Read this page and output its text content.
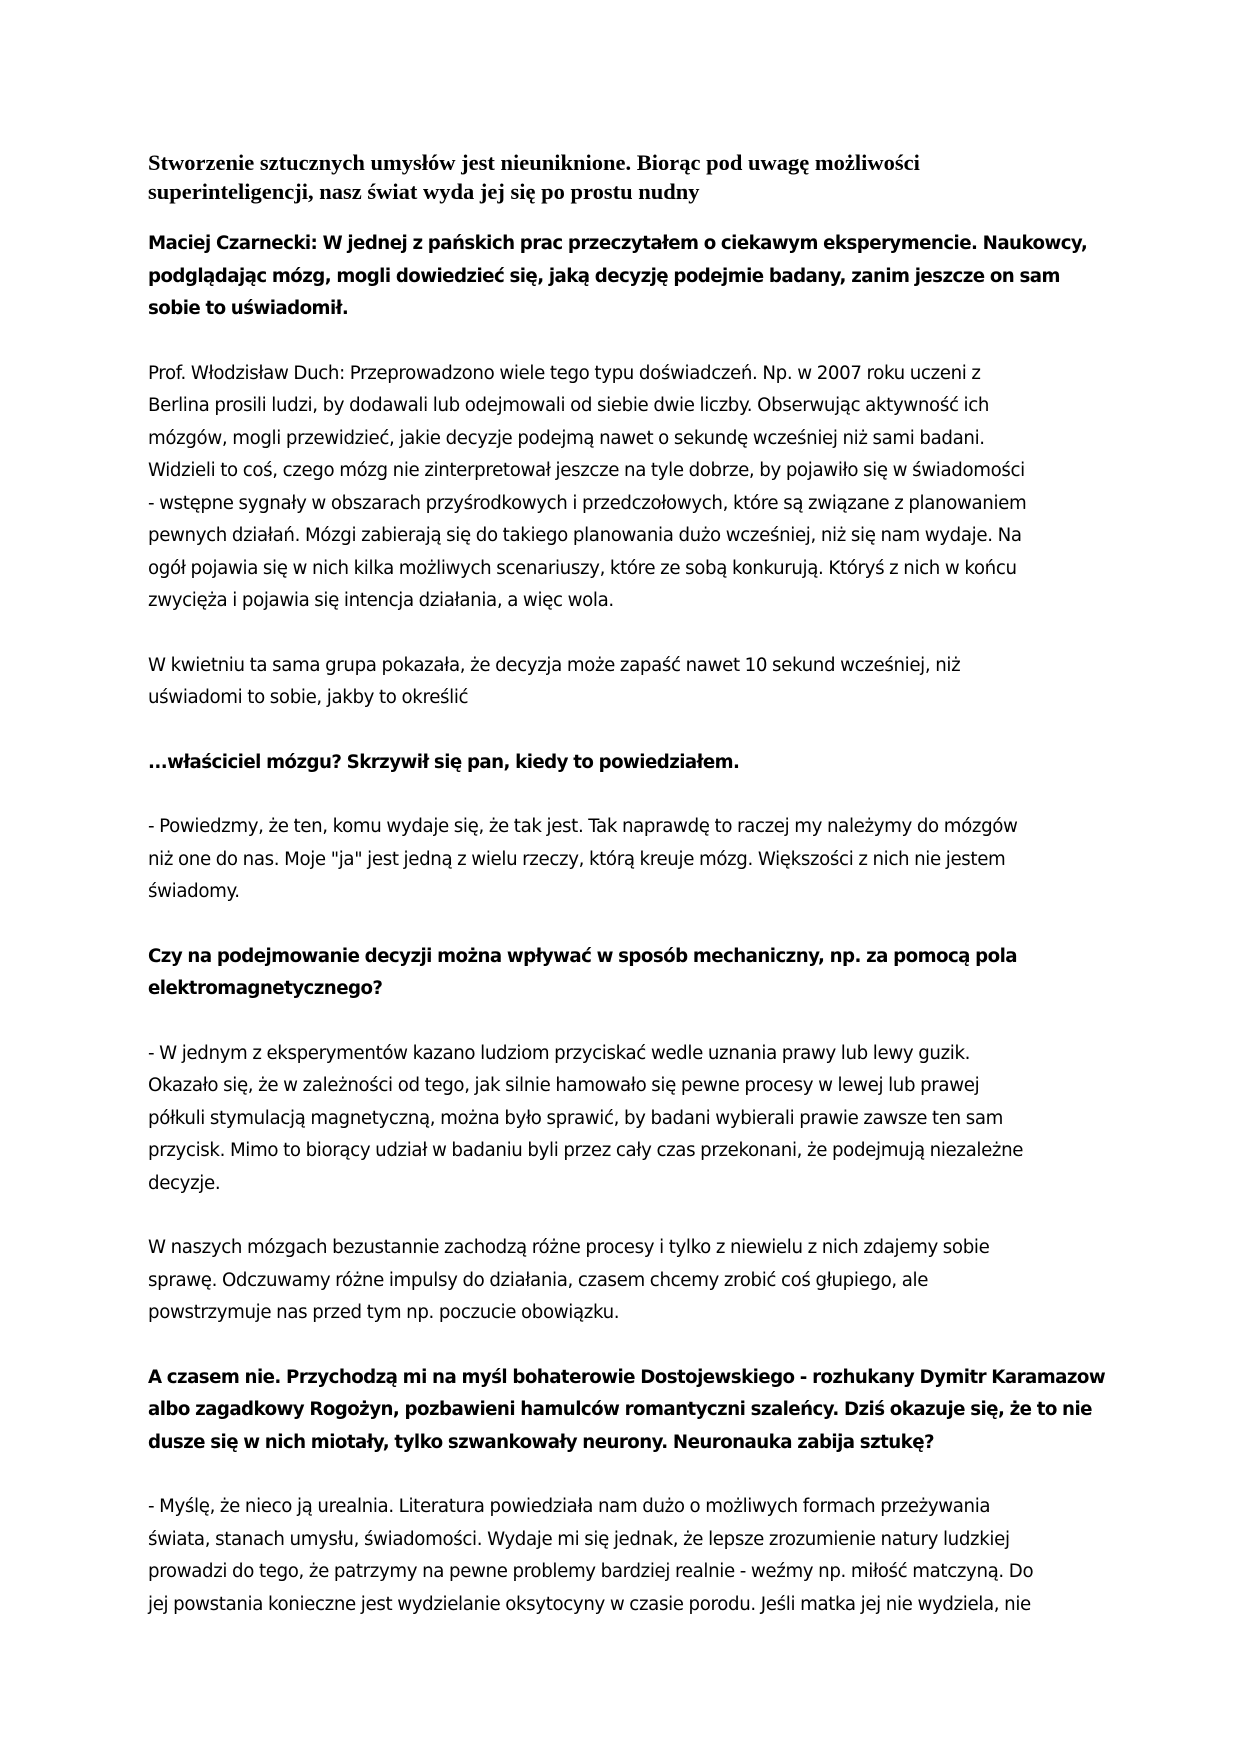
Stworzenie sztucznych umysłów jest nieuniknione. Biorąc pod uwagę możliwości
superinteligencji, nasz świat wyda jej się po prostu nudny
Maciej Czarnecki: W jednej z pańskich prac przeczytałem o ciekawym eksperymencie. Naukowcy,
podglądając mózg, mogli dowiedzieć się, jaką decyzję podejmie badany, zanim jeszcze on sam
sobie to uświadomił.
Prof. Włodzisław Duch: Przeprowadzono wiele tego typu doświadczeń. Np. w 2007 roku uczeni z
Berlina prosili ludzi, by dodawali lub odejmowali od siebie dwie liczby. Obserwując aktywność ich
mózgów, mogli przewidzieć, jakie decyzje podejmą nawet o sekundę wcześniej niż sami badani.
Widzieli to coś, czego mózg nie zinterpretował jeszcze na tyle dobrze, by pojawiło się w świadomości
- wstępne sygnały w obszarach przyśrodkowych i przedczołowych, które są związane z planowaniem
pewnych działań. Mózgi zabierają się do takiego planowania dużo wcześniej, niż się nam wydaje. Na
ogół pojawia się w nich kilka możliwych scenariuszy, które ze sobą konkurują. Któryś z nich w końcu
zwycięża i pojawia się intencja działania, a więc wola.
W kwietniu ta sama grupa pokazała, że decyzja może zapaść nawet 10 sekund wcześniej, niż
uświadomi to sobie, jakby to określić
...właściciel mózgu? Skrzywił się pan, kiedy to powiedziałem.
- Powiedzmy, że ten, komu wydaje się, że tak jest. Tak naprawdę to raczej my należymy do mózgów
niż one do nas. Moje "ja" jest jedną z wielu rzeczy, którą kreuje mózg. Większości z nich nie jestem
świadomy.
Czy na podejmowanie decyzji można wpływać w sposób mechaniczny, np. za pomocą pola
elektromagnetycznego?
- W jednym z eksperymentów kazano ludziom przyciskać wedle uznania prawy lub lewy guzik.
Okazało się, że w zależności od tego, jak silnie hamowało się pewne procesy w lewej lub prawej
półkuli stymulacją magnetyczną, można było sprawić, by badani wybierali prawie zawsze ten sam
przycisk. Mimo to biorący udział w badaniu byli przez cały czas przekonani, że podejmują niezależne
decyzje.
W naszych mózgach bezustannie zachodzą różne procesy i tylko z niewielu z nich zdajemy sobie
sprawę. Odczuwamy różne impulsy do działania, czasem chcemy zrobić coś głupiego, ale
powstrzymuje nas przed tym np. poczucie obowiązku.
A czasem nie. Przychodzą mi na myśl bohaterowie Dostojewskiego - rozhukany Dymitr Karamazow
albo zagadkowy Rogożyn, pozbawieni hamulców romantyczni szaleńcy. Dziś okazuje się, że to nie
dusze się w nich miotały, tylko szwankowały neurony. Neuronauka zabija sztukę?
- Myślę, że nieco ją urealnia. Literatura powiedziała nam dużo o możliwych formach przeżywania
świata, stanach umysłu, świadomości. Wydaje mi się jednak, że lepsze zrozumienie natury ludzkiej
prowadzi do tego, że patrzymy na pewne problemy bardziej realnie - weźmy np. miłość matczyną. Do
jej powstania konieczne jest wydzielanie oksytocyny w czasie porodu. Jeśli matka jej nie wydziela, nie
